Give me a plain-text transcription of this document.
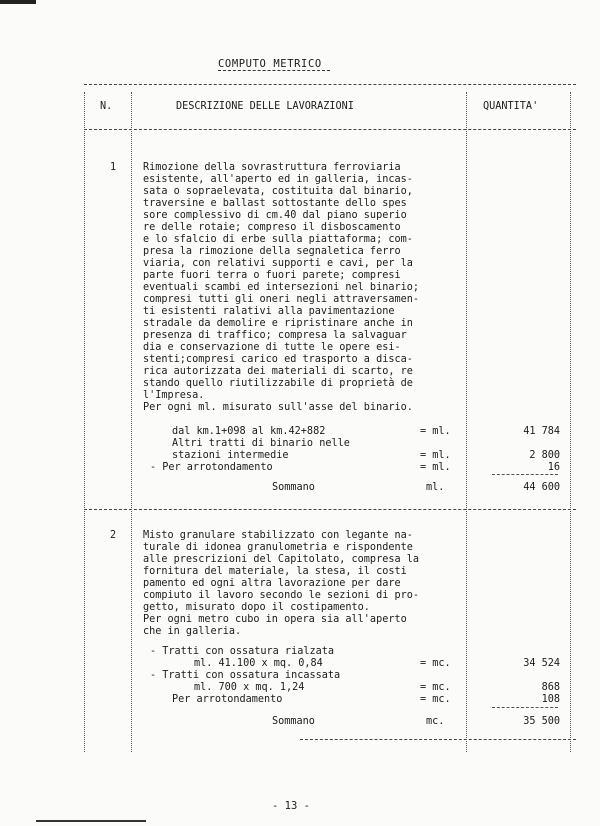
COMPUTO METRICO
N.	DESCRIZIONE DELLE LAVORAZIONI	QUANTITA'
1	Rimozione della sovrastruttura ferroviaria
esistente, all'aperto ed in galleria, incas-
sata o sopraelevata, costituita dal binario,
traversine e ballast sottostante dello spes
sore complessivo di cm.40 dal piano superio
re delle rotaie; compreso il disboscamento
e lo sfalcio di erbe sulla piattaforma; com-
presa la rimozione della segnaletica ferro
viaria, con relativi supporti e cavi, per la
parte fuori terra o fuori parete; compresi
eventuali scambi ed intersezioni nel binario;
compresi tutti gli oneri negli attraversamen-
ti esistenti ralativi alla pavimentazione
stradale da demolire e ripristinare anche in
presenza di traffico; compresa la salvaguar
dia e conservazione di tutte le opere esi-
stenti;compresi carico ed trasporto a disca-
rica autorizzata dei materiali di scarto, re
stando quello riutilizzabile di proprietà de
l'Impresa.
Per ogni ml. misurato sull'asse del binario.
dal km.1+098 al km.42+882	= ml.	41 784
Altri tratti di binario nelle
stazioni intermedie	= ml.	2 800
- Per arrotondamento	= ml.	16
Sommano	ml.	44 600
2	Misto granulare stabilizzato con legante na-
turale di idonea granulometria e rispondente
alle prescrizioni del Capitolato, compresa la
fornitura del materiale, la stesa, il costi
pamento ed ogni altra lavorazione per dare
compiuto il lavoro secondo le sezioni di pro-
getto, misurato dopo il costipamento.
Per ogni metro cubo in opera sia all'aperto
che in galleria.
- Tratti con ossatura rialzata
ml. 41.100 x mq. 0,84	= mc.	34 524
- Tratti con ossatura incassata
ml. 700 x mq. 1,24	= mc.	868
Per arrotondamento	= mc.	108
Sommano	mc.	35 500
- 13 -
